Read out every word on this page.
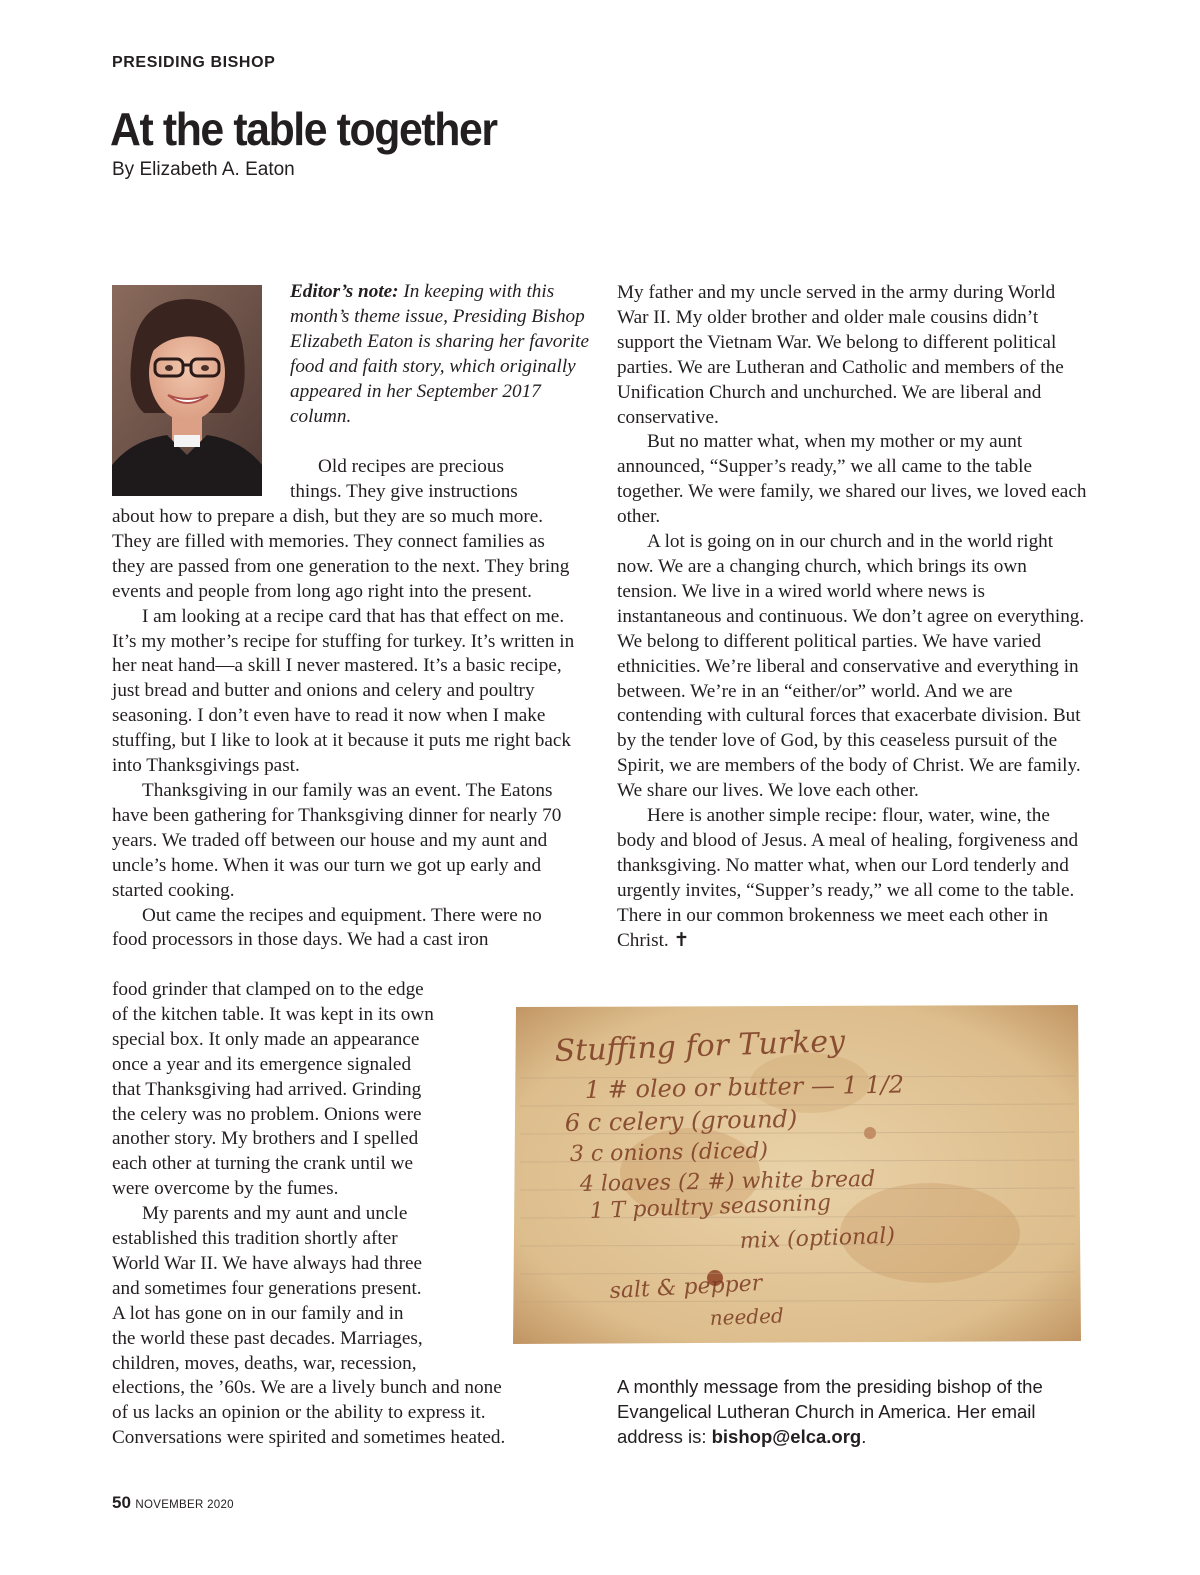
PRESIDING BISHOP
At the table together
By Elizabeth A. Eaton

Editor’s note: In keeping with this month’s theme issue, Presiding Bishop Elizabeth Eaton is sharing her favorite food and faith story, which originally appeared in her September 2017 column.

Old recipes are precious
things. They give instructions

about how to prepare a dish, but they are so much more. They are filled with memories. They connect families as they are passed from one generation to the next. They bring events and people from long ago right into the present.

I am looking at a recipe card that has that effect on me. It’s my mother’s recipe for stuffing for turkey. It’s written in her neat hand—a skill I never mastered. It’s a basic recipe, just bread and butter and onions and celery and poultry seasoning. I don’t even have to read it now when I make stuffing, but I like to look at it because it puts me right back into Thanksgivings past.

Thanksgiving in our family was an event. The Eatons have been gathering for Thanksgiving dinner for nearly 70 years. We traded off between our house and my aunt and uncle’s home. When it was our turn we got up early and started cooking.

Out came the recipes and equipment. There were no food processors in those days. We had a cast iron

food grinder that clamped on to the edge
of the kitchen table. It was kept in its own
special box. It only made an appearance
once a year and its emergence signaled
that Thanksgiving had arrived. Grinding
the celery was no problem. Onions were
another story. My brothers and I spelled
each other at turning the crank until we
were overcome by the fumes.
My parents and my aunt and uncle
established this tradition shortly after
World War II. We have always had three
and sometimes four generations present.
A lot has gone on in our family and in
the world these past decades. Marriages,
children, moves, deaths, war, recession,
elections, the ’60s. We are a lively bunch and none
of us lacks an opinion or the ability to express it.
Conversations were spirited and sometimes heated.

My father and my uncle served in the army during World War II. My older brother and older male cousins didn’t support the Vietnam War. We belong to different political parties. We are Lutheran and Catholic and members of the Unification Church and unchurched. We are liberal and conservative.

But no matter what, when my mother or my aunt announced, “Supper’s ready,” we all came to the table together. We were family, we shared our lives, we loved each other.

A lot is going on in our church and in the world right now. We are a changing church, which brings its own tension. We live in a wired world where news is instantaneous and continuous. We don’t agree on everything. We belong to different political parties. We have varied ethnicities. We’re liberal and conservative and everything in between. We’re in an “either/or” world. And we are contending with cultural forces that exacerbate division. But by the tender love of God, by this ceaseless pursuit of the Spirit, we are members of the body of Christ. We are family. We share our lives. We love each other.

Here is another simple recipe: flour, water, wine, the body and blood of Jesus. A meal of healing, forgiveness and thanksgiving. No matter what, when our Lord tenderly and urgently invites, “Supper’s ready,” we all come to the table. There in our common brokenness we meet each other in Christ. ✝

Stuffing for Turkey
1 # oleo or butter — 1 1/2
6 c celery (ground)
3 c onions (diced)
4 loaves (2 #) white bread
1 T poultry seasoning
mix (optional)
salt & pepper
needed
A monthly message from the presiding bishop of the Evangelical Lutheran Church in America. Her email address is: bishop@elca.org.
50 NOVEMBER 2020
